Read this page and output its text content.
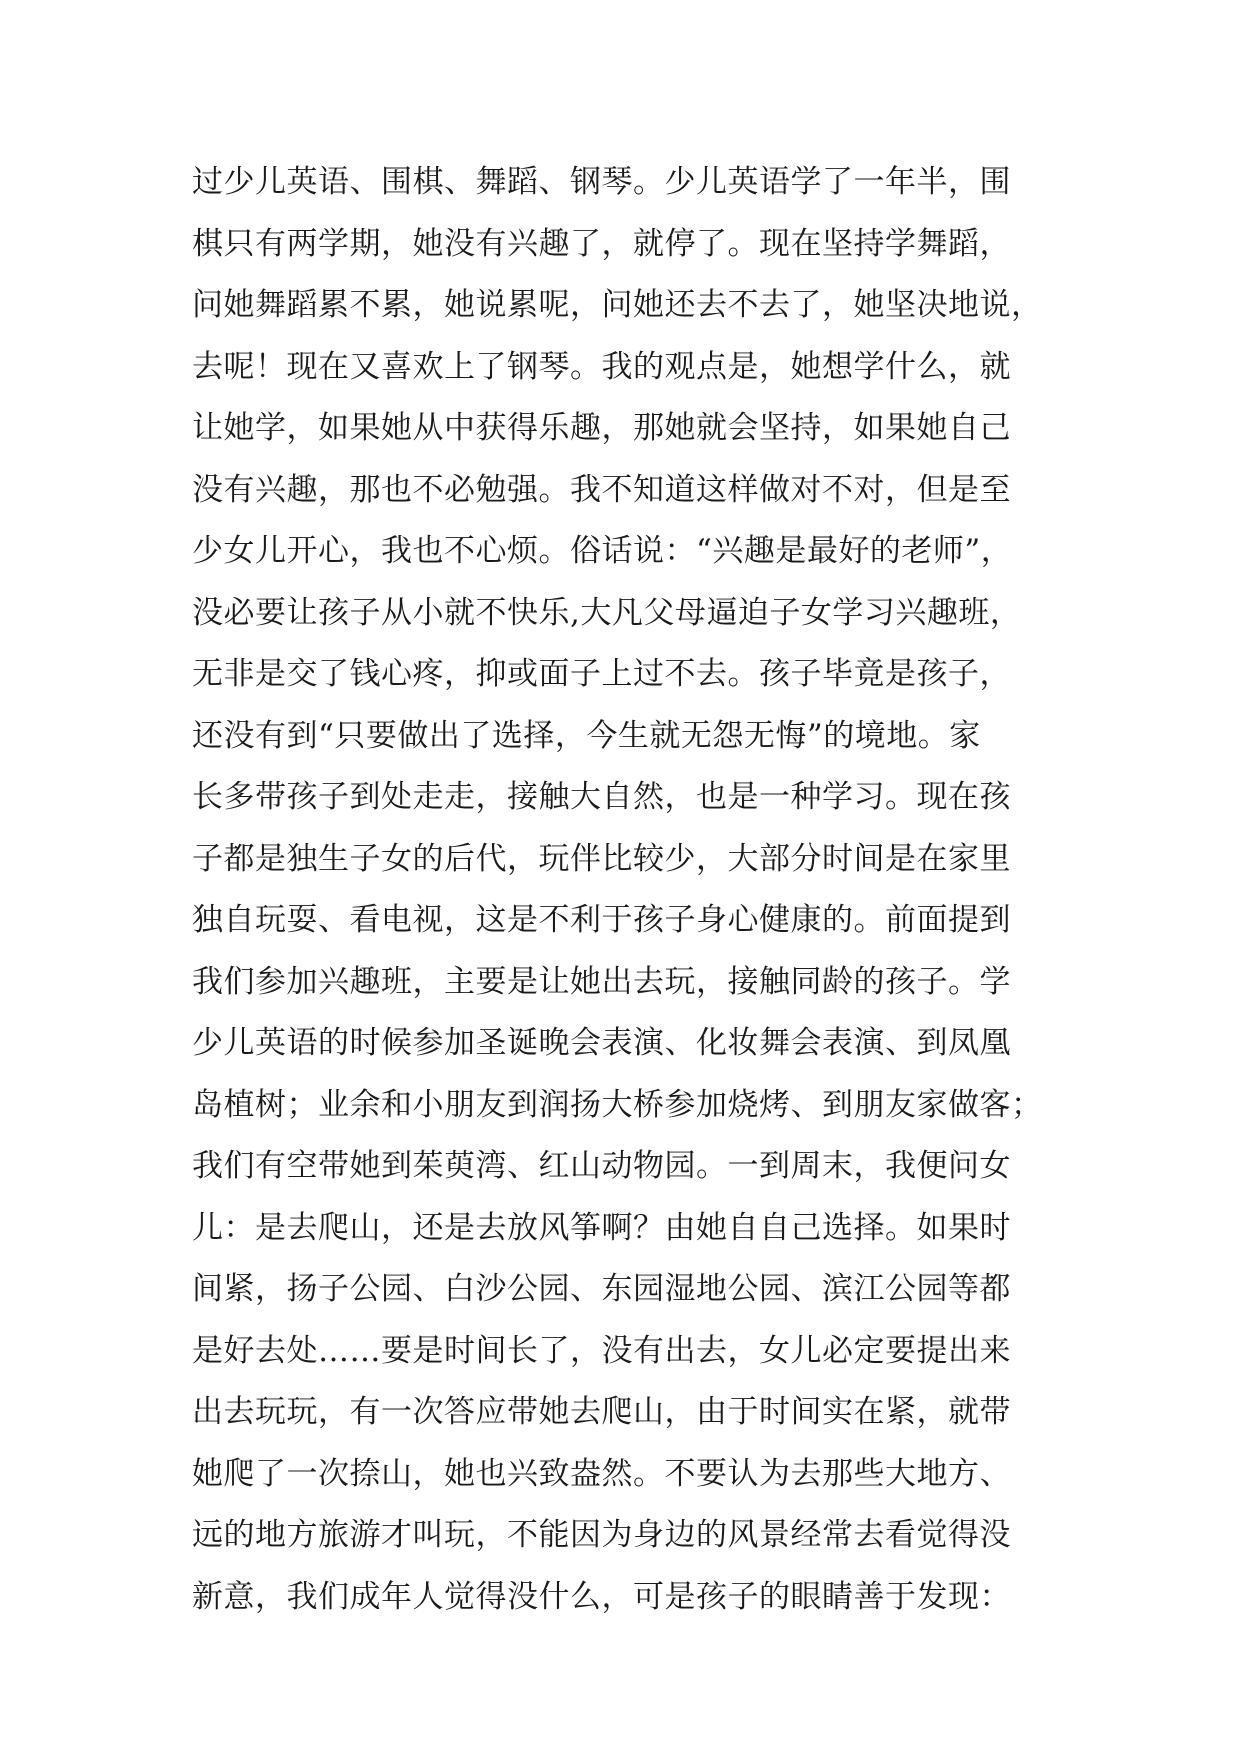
过少儿英语、围棋、舞蹈、钢琴。少儿英语学了一年半，围
棋只有两学期，她没有兴趣了，就停了。现在坚持学舞蹈，
问她舞蹈累不累，她说累呢，问她还去不去了，她坚决地说，
去呢！现在又喜欢上了钢琴。我的观点是，她想学什么，就
让她学，如果她从中获得乐趣，那她就会坚持，如果她自己
没有兴趣，那也不必勉强。我不知道这样做对不对，但是至
少女儿开心，我也不心烦。俗话说：“兴趣是最好的老师”，
没必要让孩子从小就不快乐,大凡父母逼迫子女学习兴趣班，
无非是交了钱心疼，抑或面子上过不去。孩子毕竟是孩子，
还没有到“只要做出了选择，今生就无怨无悔”的境地。家
长多带孩子到处走走，接触大自然，也是一种学习。现在孩
子都是独生子女的后代，玩伴比较少，大部分时间是在家里
独自玩耍、看电视，这是不利于孩子身心健康的。前面提到
我们参加兴趣班，主要是让她出去玩，接触同龄的孩子。学
少儿英语的时候参加圣诞晚会表演、化妆舞会表演、到凤凰
岛植树；业余和小朋友到润扬大桥参加烧烤、到朋友家做客；
我们有空带她到茱萸湾、红山动物园。一到周末，我便问女
儿：是去爬山，还是去放风筝啊？由她自自己选择。如果时
间紧，扬子公园、白沙公园、东园湿地公园、滨江公园等都
是好去处……要是时间长了，没有出去，女儿必定要提出来
出去玩玩，有一次答应带她去爬山，由于时间实在紧，就带
她爬了一次捺山，她也兴致盎然。不要认为去那些大地方、
远的地方旅游才叫玩，不能因为身边的风景经常去看觉得没
新意，我们成年人觉得没什么，可是孩子的眼睛善于发现：
